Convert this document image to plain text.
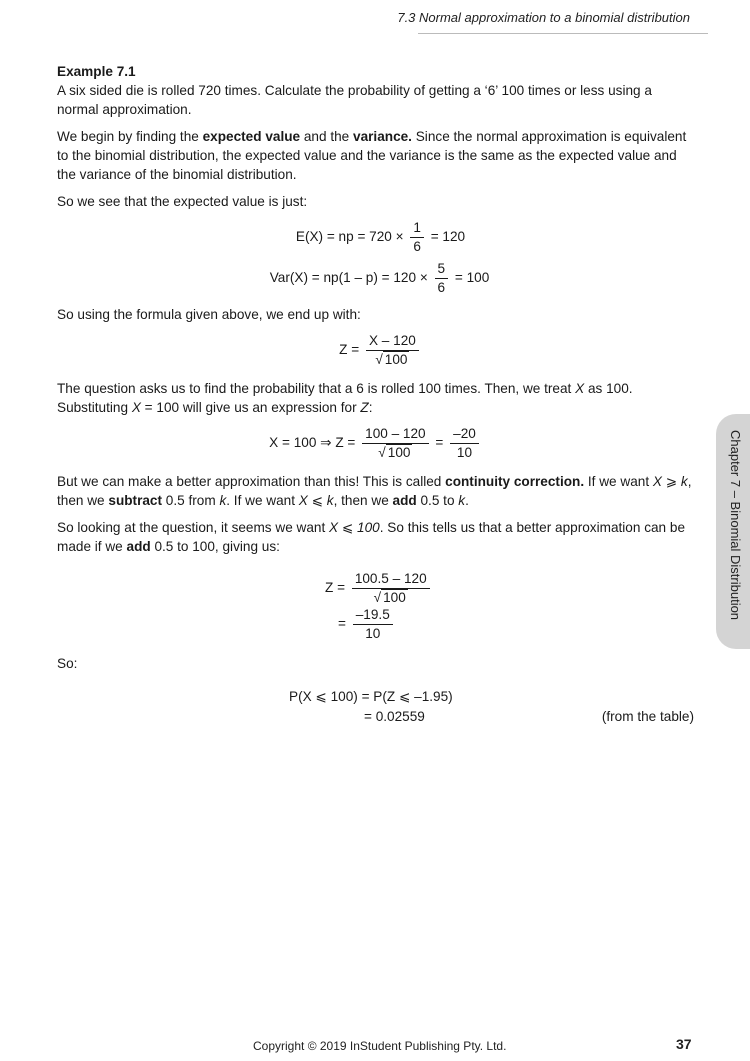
7.3 Normal approximation to a binomial distribution

Example 7.1

A six sided die is rolled 720 times. Calculate the probability of getting a ‘6’ 100 times or less using a normal approximation.

We begin by finding the expected value and the variance. Since the normal approximation is equivalent to the binomial distribution, the expected value and the variance is the same as the expected value and the variance of the binomial distribution.

So we see that the expected value is just:

E(X) = np = $720 \times \frac{1}{6} = 120$
$Var(X) = np(1 - p) = 120 \times \frac{5}{6} = 100$

So using the formula given above, we end up with:

$Z = \frac{X - 120}{√ 100}$

The question asks us to find the probability that a 6 is rolled 100 times. Then, we treat X as 100. Substituting X = 100 will give us an expression for Z:

X = 100 ⇒ $Z = \frac{100 - 120}{√ 100} = \frac{-20}{10}$

But we can make a better approximation than this! This is called continuity correction. If we want X ⩾ k, then we subtract 0.5 from k. If we want X ⩽ k, then we add 0.5 to k.

So looking at the question, it seems we want X ⩽ 100. So this tells us that a better approximation can be made if we add 0.5 to 100, giving us:

$Z = \frac{100.5 - 120}{√ 100}$
= $\frac{-19.5}{10}$

So:

P(X ⩽ 100) = P(Z ⩽ –1.95)
= 0.02559	(from the table)
Chapter 7 – Binomial Distribution
Copyright © 2019 InStudent Publishing Pty. Ltd.	37
